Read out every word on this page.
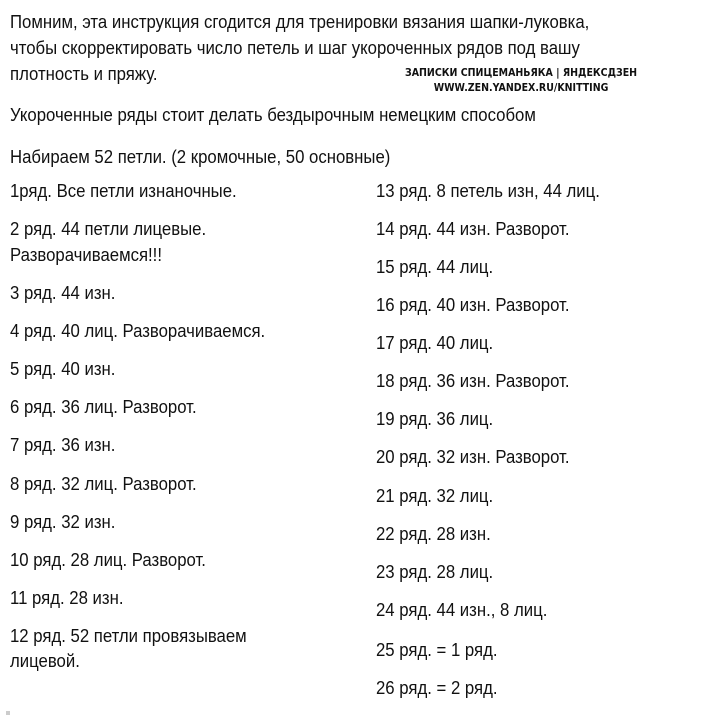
Помним, эта инструкция сгодится для тренировки вязания шапки-луковка,
чтобы скорректировать число петель и шаг укороченных рядов под вашу
плотность и пряжу.	ЗАПИСКИ СПИЦЕМАНЬЯКА | ЯНДЕКСДЗЕН
WWW.ZEN.YANDEX.RU/KNITTING
Укороченные ряды стоит делать бездырочным немецким способом
Набираем 52 петли. (2 кромочные, 50 основные)
1ряд. Все петли изнаночные.
2 ряд. 44 петли лицевые.
Разворачиваемся!!!
3 ряд. 44 изн.
4 ряд. 40 лиц. Разворачиваемся.
5 ряд. 40 изн.
6 ряд. 36 лиц. Разворот.
7 ряд. 36 изн.
8 ряд. 32 лиц. Разворот.
9 ряд. 32 изн.
10 ряд. 28 лиц. Разворот.
11 ряд. 28 изн.
12 ряд. 52 петли провязываем
лицевой.
13 ряд. 8 петель изн, 44 лиц.
14 ряд. 44 изн. Разворот.
15 ряд. 44 лиц.
16 ряд. 40 изн. Разворот.
17 ряд. 40 лиц.
18 ряд. 36 изн. Разворот.
19 ряд. 36 лиц.
20 ряд. 32 изн. Разворот.
21 ряд. 32 лиц.
22 ряд. 28 изн.
23 ряд. 28 лиц.
24 ряд. 44 изн., 8 лиц.
25 ряд. = 1 ряд.
26 ряд. = 2 ряд.
